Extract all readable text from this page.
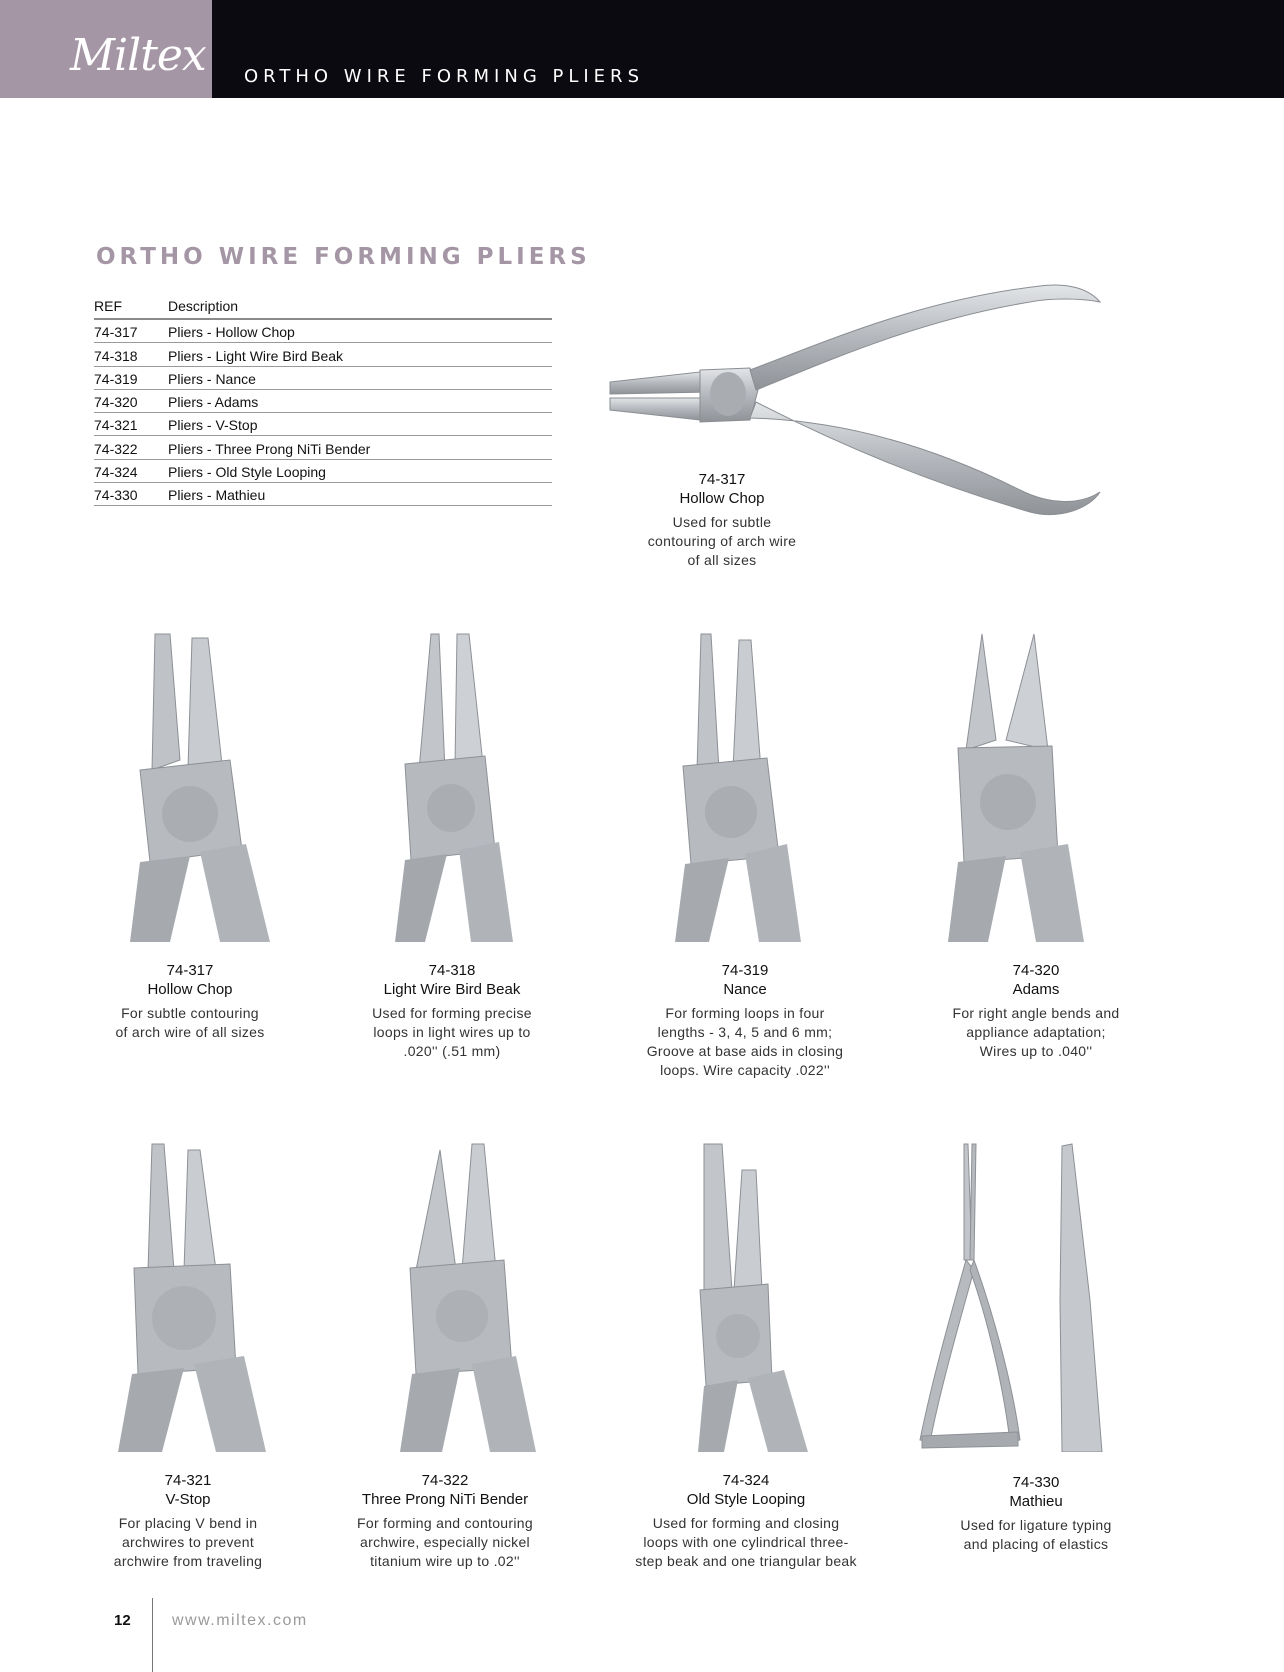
Miltex ORTHO WIRE FORMING PLIERS
ORTHO WIRE FORMING PLIERS
REF	Description
74-317	Pliers - Hollow Chop
74-318	Pliers - Light Wire Bird Beak
74-319	Pliers - Nance
74-320	Pliers - Adams
74-321	Pliers - V-Stop
74-322	Pliers - Three Prong NiTi Bender
74-324	Pliers - Old Style Looping
74-330	Pliers - Mathieu
74-317
Hollow Chop
Used for subtle
contouring of arch wire
of all sizes
74-317
Hollow Chop
For subtle contouring
of arch wire of all sizes
74-318
Light Wire Bird Beak
Used for forming precise
loops in light wires up to
.020'' (.51 mm)
74-319
Nance
For forming loops in four
lengths - 3, 4, 5 and 6 mm;
Groove at base aids in closing
loops. Wire capacity .022''
74-320
Adams
For right angle bends and
appliance adaptation;
Wires up to .040''
74-321
V-Stop
For placing V bend in
archwires to prevent
archwire from traveling
74-322
Three Prong NiTi Bender
For forming and contouring
archwire, especially nickel
titanium wire up to .02''
74-324
Old Style Looping
Used for forming and closing
loops with one cylindrical three-
step beak and one triangular beak
74-330
Mathieu
Used for ligature typing
and placing of elastics
12	www.miltex.com
